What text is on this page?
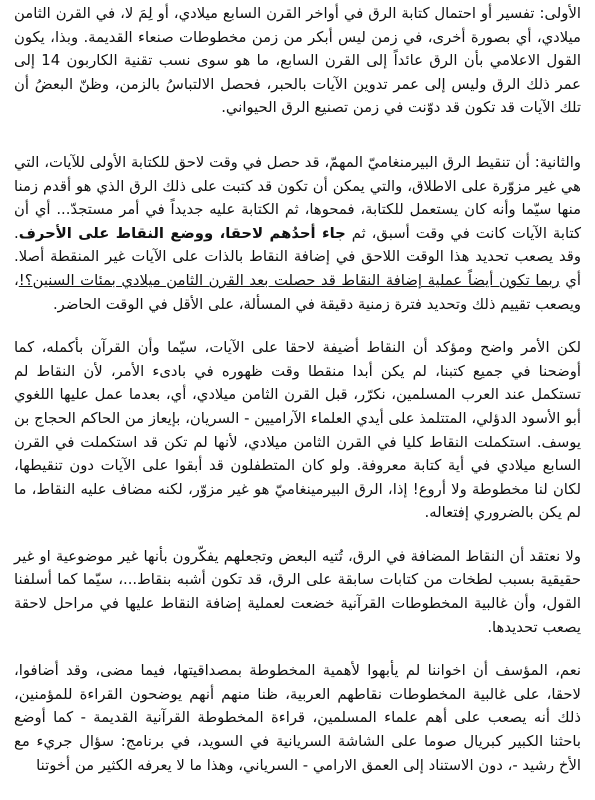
الأولى: تفسير أو احتمال كتابة الرق في أواخر القرن السابع ميلادي، أو لِمَ لا، في القرن الثامن ميلادي، أي بصورة أخرى، في زمن ليس أبكر من زمن مخطوطات صنعاء القديمة. وبذا، يكون القول الاعلامي بأن الرق عائداً إلى القرن السابع، ما هو سوى نسب تقنية الكاربون 14 إلى عمر ذلك الرق وليس إلى عمر تدوين الآيات بالحبر، فحصل الالتباسُ بالزمن، وظنّ البعضُ أن تلك الآيات قد تكون قد دوّنت في زمن تصنيع الرق الحيواني.

والثانية: أن تنقيط الرق البيرمنغاميّ المهمّ، قد حصل في وقت لاحق للكتابة الأولى للآيات، التي هي غير مزوّرة على الاطلاق، والتي يمكن أن تكون قد كتبت على ذلك الرق الذي هو أقدم زمنا منها سيّما وأنه كان يستعمل للكتابة، فمحوها، ثم الكتابة عليه جديداً في أمر مستجدّ... أي أن كتابة الآيات كانت في وقت أسبق، ثم جاء أحدُهم لاحقا، ووضع النقاط على الأحرف. وقد يصعب تحديد هذا الوقت اللاحق في إضافة النقاط بالذات على الآيات غير المنقطة أصلا. أي ربما تكون أيضاً عملية إضافة النقاط قد حصلت بعد القرن الثامن ميلادي بمئات السنين؟!، ويصعب تقييم ذلك وتحديد فترة زمنية دقيقة في المسألة، على الأقل في الوقت الحاضر.

لكن الأمر واضح ومؤكد أن النقاط أضيفة لاحقا على الآيات، سيّما وأن القرآن بأكمله، كما أوضحنا في جميع كتبنا، لم يكن أبدا منقطا وقت ظهوره في بادىء الأمر، لأن النقاط لم تستكمل عند العرب المسلمين، نكرّر، قبل القرن الثامن ميلادي، أي، بعدما عمل عليها اللغوي أبو الأسود الدؤلي، المتتلمذ على أيدي العلماء الآراميين - السريان، بإيعاز من الحاكم الحجاج بن يوسف. استكملت النقاط كليا في القرن الثامن ميلادي، لأنها لم تكن قد استكملت في القرن السابع ميلادي في أية كتابة معروفة. ولو كان المتطفلون قد أبقوا على الآيات دون تنقيطها، لكان لنا مخطوطة ولا أروع! إذا، الرق البيرمينغاميّ هو غير مزوّر، لكنه مضاف عليه النقاط، ما لم يكن بالضروري إفتعاله.

ولا نعتقد أن النقاط المضافة في الرق، تُتيه البعض وتجعلهم يفكّرون بأنها غير موضوعية او غير حقيقية بسبب لطخات من كتابات سابقة على الرق، قد تكون أشبه بنقاط...، سيّما كما أسلفنا القول، وأن غالبية المخطوطات القرآنية خضعت لعملية إضافة النقاط عليها في مراحل لاحقة يصعب تحديدها.

نعم، المؤسف أن اخواننا لم يأبهوا لأهمية المخطوطة بمصداقيتها، فيما مضى، وقد أضافوا، لاحقا، على غالبية المخطوطات نقاطهم العربية، ظنا منهم أنهم يوضحون القراءة للمؤمنين، ذلك أنه يصعب على أهم علماء المسلمين، قراءة المخطوطة القرآنية القديمة - كما أوضع باحثنا الكبير كبريال صوما على الشاشة السريانية في السويد، في برنامج: سؤال جريء مع الأخ رشيد -، دون الاستناد إلى العمق الارامي - السرياني، وهذا ما لا يعرفه الكثير من أخوتنا
